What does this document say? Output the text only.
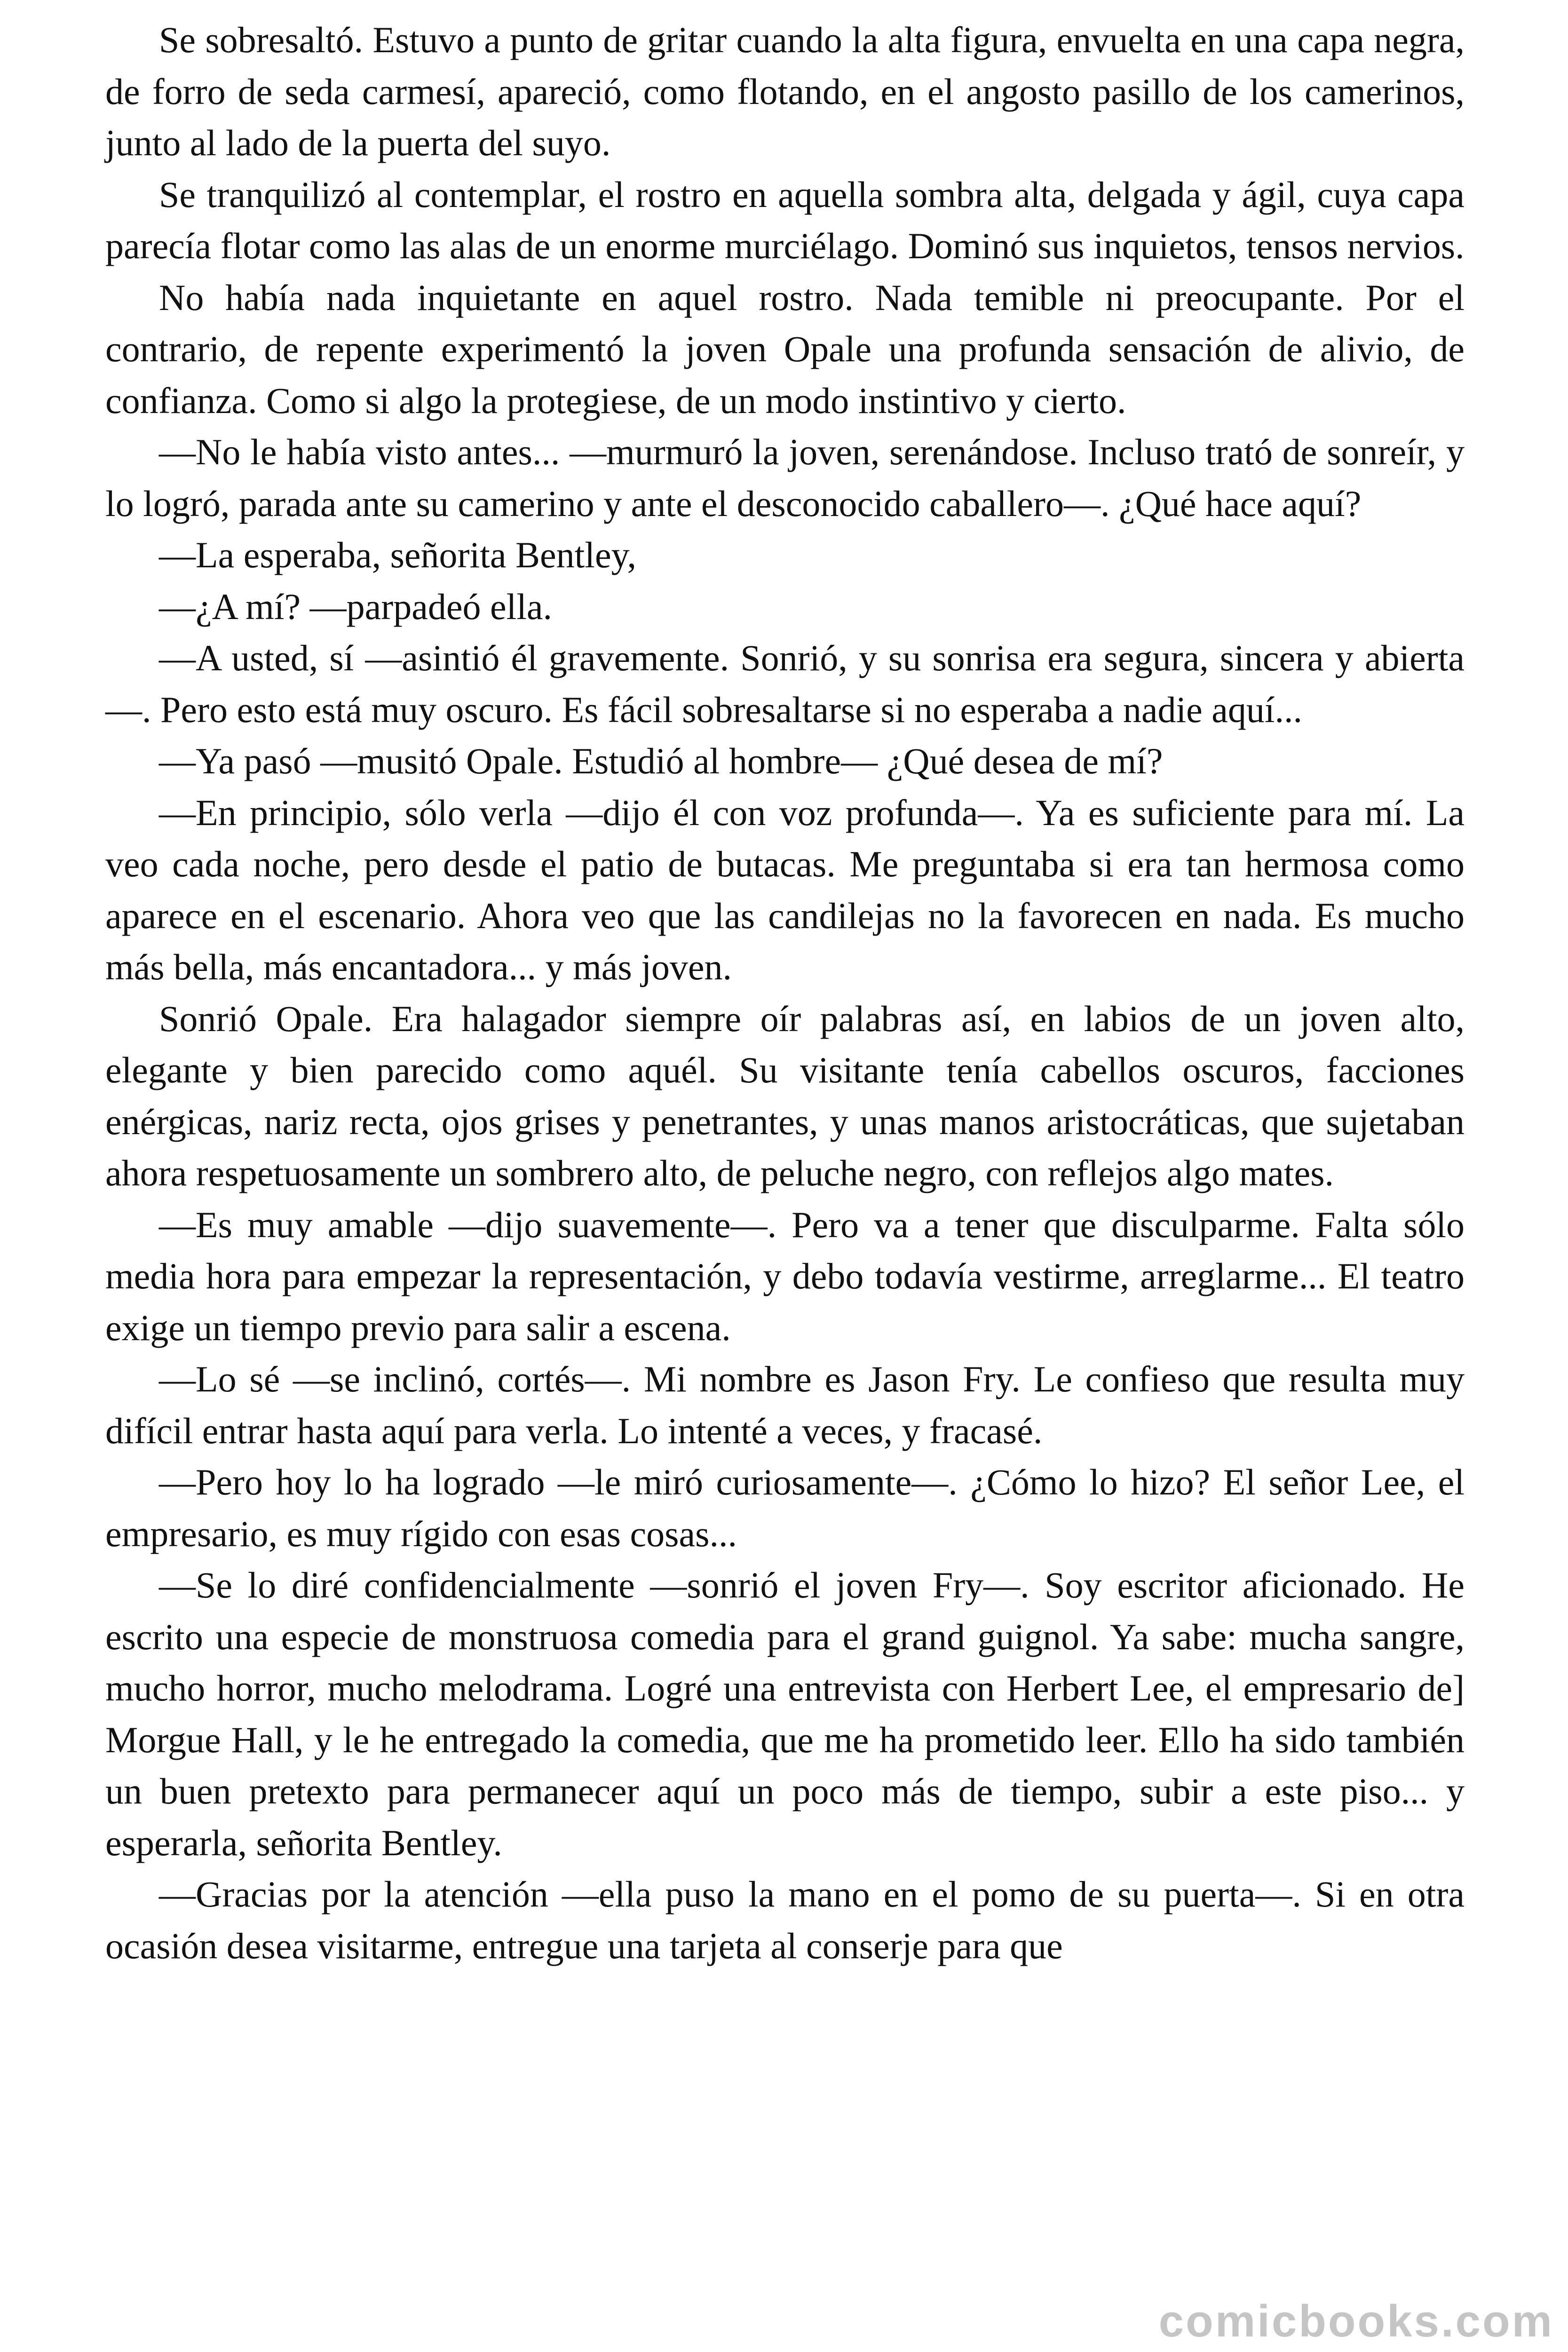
Se sobresaltó. Estuvo a punto de gritar cuando la alta figura, envuelta en una capa negra, de forro de seda carmesí, apareció, como flotando, en el angosto pasillo de los camerinos, junto al lado de la puerta del suyo.

Se tranquilizó al contemplar, el rostro en aquella sombra alta, delgada y ágil, cuya capa parecía flotar como las alas de un enorme murciélago. Dominó sus inquietos, tensos nervios.

No había nada inquietante en aquel rostro. Nada temible ni preocupante. Por el contrario, de repente experimentó la joven Opale una profunda sensación de alivio, de confianza. Como si algo la protegiese, de un modo instintivo y cierto.

—No le había visto antes... —murmuró la joven, serenándose. Incluso trató de sonreír, y lo logró, parada ante su camerino y ante el desconocido caballero—. ¿Qué hace aquí?

—La esperaba, señorita Bentley,

—¿A mí? —parpadeó ella.

—A usted, sí —asintió él gravemente. Sonrió, y su sonrisa era segura, sincera y abierta—. Pero esto está muy oscuro. Es fácil sobresaltarse si no esperaba a nadie aquí...

—Ya pasó —musitó Opale. Estudió al hombre— ¿Qué desea de mí?

—En principio, sólo verla —dijo él con voz profunda—. Ya es suficiente para mí. La veo cada noche, pero desde el patio de butacas. Me preguntaba si era tan hermosa como aparece en el escenario. Ahora veo que las candilejas no la favorecen en nada. Es mucho más bella, más encantadora... y más joven.

Sonrió Opale. Era halagador siempre oír palabras así, en labios de un joven alto, elegante y bien parecido como aquél. Su visitante tenía cabellos oscuros, facciones enérgicas, nariz recta, ojos grises y penetrantes, y unas manos aristocráticas, que sujetaban ahora respetuosamente un sombrero alto, de peluche negro, con reflejos algo mates.

—Es muy amable —dijo suavemente—. Pero va a tener que disculparme. Falta sólo media hora para empezar la representación, y debo todavía vestirme, arreglarme... El teatro exige un tiempo previo para salir a escena.

—Lo sé —se inclinó, cortés—. Mi nombre es Jason Fry. Le confieso que resulta muy difícil entrar hasta aquí para verla. Lo intenté a veces, y fracasé.

—Pero hoy lo ha logrado —le miró curiosamente—. ¿Cómo lo hizo? El señor Lee, el empresario, es muy rígido con esas cosas...

—Se lo diré confidencialmente —sonrió el joven Fry—. Soy escritor aficionado. He escrito una especie de monstruosa comedia para el grand guignol. Ya sabe: mucha sangre, mucho horror, mucho melodrama. Logré una entrevista con Herbert Lee, el empresario de] Morgue Hall, y le he entregado la comedia, que me ha prometido leer. Ello ha sido también un buen pretexto para permanecer aquí un poco más de tiempo, subir a este piso... y esperarla, señorita Bentley.

—Gracias por la atención —ella puso la mano en el pomo de su puerta—. Si en otra ocasión desea visitarme, entregue una tarjeta al conserje para que

comicbooks.com
